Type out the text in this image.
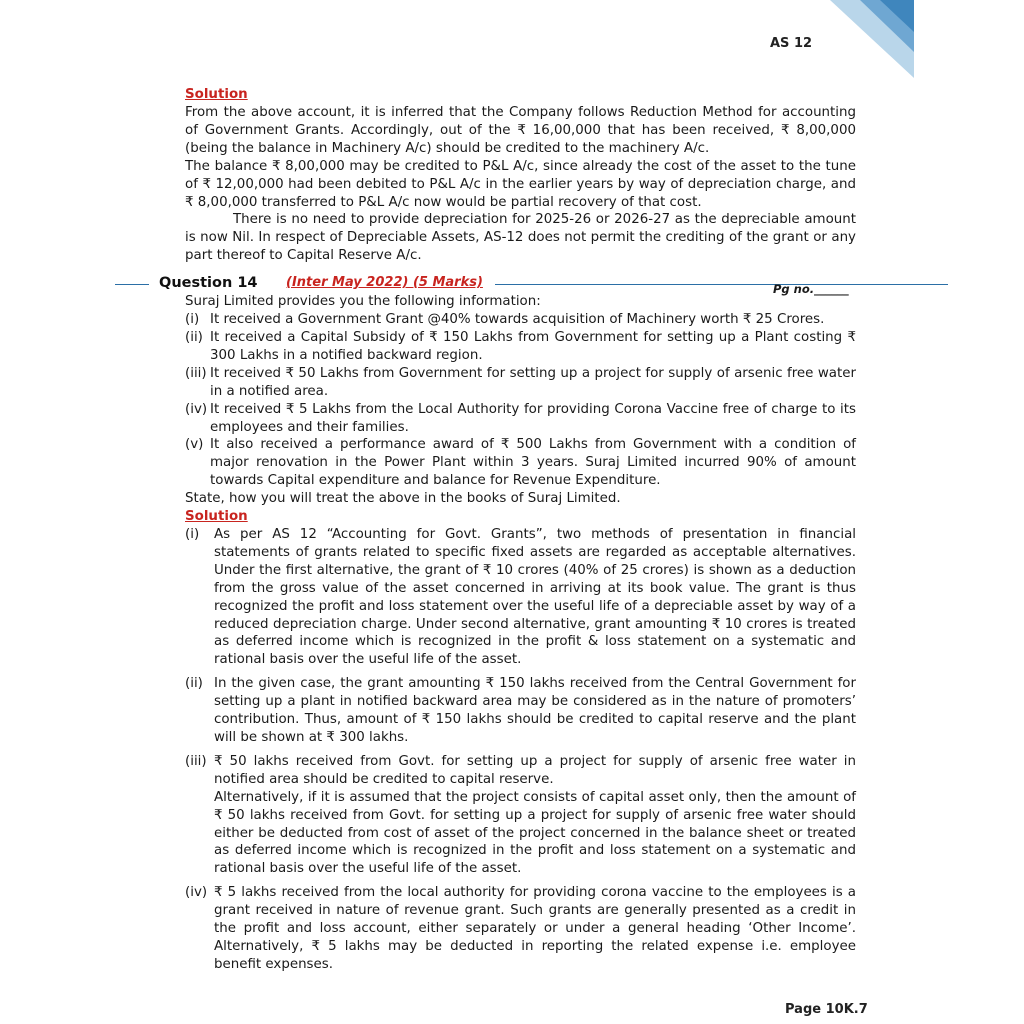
AS 12

Solution

From the above account, it is inferred that the Company follows Reduction Method for accounting of Government Grants. Accordingly, out of the ₹ 16,00,000 that has been received, ₹ 8,00,000 (being the balance in Machinery A/c) should be credited to the machinery A/c.

The balance ₹ 8,00,000 may be credited to P&L A/c, since already the cost of the asset to the tune of ₹ 12,00,000 had been debited to P&L A/c in the earlier years by way of depreciation charge, and ₹ 8,00,000 transferred to P&L A/c now would be partial recovery of that cost.

There is no need to provide depreciation for 2025-26 or 2026-27 as the depreciable amount is now Nil. In respect of Depreciable Assets, AS-12 does not permit the crediting of the grant or any part thereof to Capital Reserve A/c.

Question 14 (Inter May 2022) (5 Marks)	Pg no.______

Suraj Limited provides you the following information:

(i) It received a Government Grant @40% towards acquisition of Machinery worth ₹ 25 Crores.
(ii) It received a Capital Subsidy of ₹ 150 Lakhs from Government for setting up a Plant costing ₹ 300 Lakhs in a notified backward region.
(iii) It received ₹ 50 Lakhs from Government for setting up a project for supply of arsenic free water in a notified area.
(iv) It received ₹ 5 Lakhs from the Local Authority for providing Corona Vaccine free of charge to its employees and their families.
(v) It also received a performance award of ₹ 500 Lakhs from Government with a condition of major renovation in the Power Plant within 3 years. Suraj Limited incurred 90% of amount towards Capital expenditure and balance for Revenue Expenditure.

State, how you will treat the above in the books of Suraj Limited.

Solution

(i)	As per AS 12 “Accounting for Govt. Grants”, two methods of presentation in financial statements of grants related to specific fixed assets are regarded as acceptable alternatives. Under the first alternative, the grant of ₹ 10 crores (40% of 25 crores) is shown as a deduction from the gross value of the asset concerned in arriving at its book value. The grant is thus recognized the profit and loss statement over the useful life of a depreciable asset by way of a reduced depreciation charge. Under second alternative, grant amounting ₹ 10 crores is treated as deferred income which is recognized in the profit & loss statement on a systematic and rational basis over the useful life of the asset.
(ii) In the given case, the grant amounting ₹ 150 lakhs received from the Central Government for setting up a plant in notified backward area may be considered as in the nature of promoters’ contribution. Thus, amount of ₹ 150 lakhs should be credited to capital reserve and the plant will be shown at ₹ 300 lakhs.
(iii) ₹ 50 lakhs received from Govt. for setting up a project for supply of arsenic free water in notified area should be credited to capital reserve.
Alternatively, if it is assumed that the project consists of capital asset only, then the amount of ₹ 50 lakhs received from Govt. for setting up a project for supply of arsenic free water should either be deducted from cost of asset of the project concerned in the balance sheet or treated as deferred income which is recognized in the profit and loss statement on a systematic and rational basis over the useful life of the asset.
(iv) ₹ 5 lakhs received from the local authority for providing corona vaccine to the employees is a grant received in nature of revenue grant. Such grants are generally presented as a credit in the profit and loss account, either separately or under a general heading ‘Other Income’. Alternatively, ₹ 5 lakhs may be deducted in reporting the related expense i.e. employee benefit expenses.
Page 10K.7
